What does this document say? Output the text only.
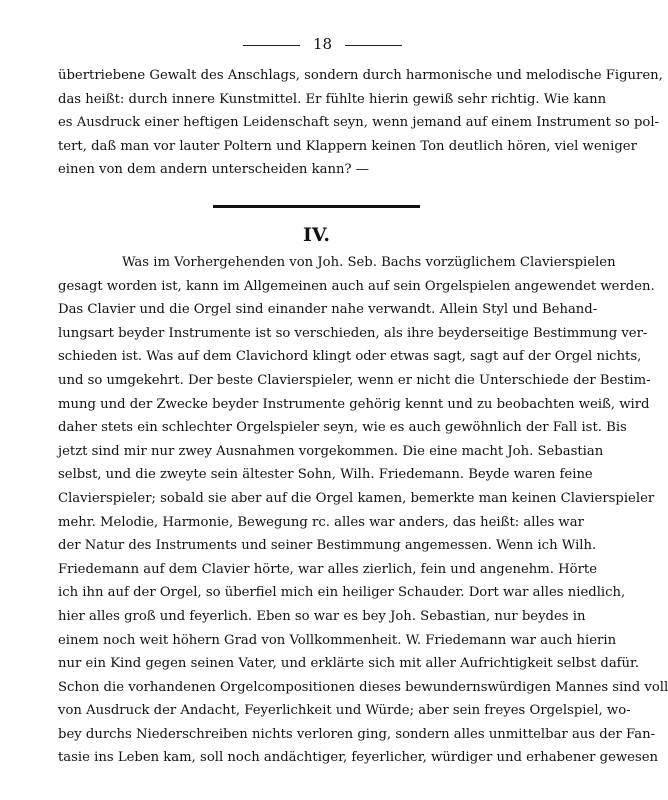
18
übertriebene Gewalt des Anschlags, sondern durch harmonische und melodische Figuren,
das heißt: durch innere Kunstmittel. Er fühlte hierin gewiß sehr richtig. Wie kann
es Ausdruck einer heftigen Leidenschaft seyn, wenn jemand auf einem Instrument so pol-
tert, daß man vor lauter Poltern und Klappern keinen Ton deutlich hören, viel weniger
einen von dem andern unterscheiden kann? —
IV.
Was im Vorhergehenden von Joh. Seb. Bachs vorzüglichem Clavierspielen
gesagt worden ist, kann im Allgemeinen auch auf sein Orgelspielen angewendet werden.
Das Clavier und die Orgel sind einander nahe verwandt. Allein Styl und Behand-
lungsart beyder Instrumente ist so verschieden, als ihre beyderseitige Bestimmung ver-
schieden ist. Was auf dem Clavichord klingt oder etwas sagt, sagt auf der Orgel nichts,
und so umgekehrt. Der beste Clavierspieler, wenn er nicht die Unterschiede der Bestim-
mung und der Zwecke beyder Instrumente gehörig kennt und zu beobachten weiß, wird
daher stets ein schlechter Orgelspieler seyn, wie es auch gewöhnlich der Fall ist. Bis
jetzt sind mir nur zwey Ausnahmen vorgekommen. Die eine macht Joh. Sebastian
selbst, und die zweyte sein ältester Sohn, Wilh. Friedemann. Beyde waren feine
Clavierspieler; sobald sie aber auf die Orgel kamen, bemerkte man keinen Clavierspieler
mehr. Melodie, Harmonie, Bewegung rc. alles war anders, das heißt: alles war
der Natur des Instruments und seiner Bestimmung angemessen. Wenn ich Wilh.
Friedemann auf dem Clavier hörte, war alles zierlich, fein und angenehm. Hörte
ich ihn auf der Orgel, so überfiel mich ein heiliger Schauder. Dort war alles niedlich,
hier alles groß und feyerlich. Eben so war es bey Joh. Sebastian, nur beydes in
einem noch weit höhern Grad von Vollkommenheit. W. Friedemann war auch hierin
nur ein Kind gegen seinen Vater, und erklärte sich mit aller Aufrichtigkeit selbst dafür.
Schon die vorhandenen Orgelcompositionen dieses bewundernswürdigen Mannes sind voll
von Ausdruck der Andacht, Feyerlichkeit und Würde; aber sein freyes Orgelspiel, wo-
bey durchs Niederschreiben nichts verloren ging, sondern alles unmittelbar aus der Fan-
tasie ins Leben kam, soll noch andächtiger, feyerlicher, würdiger und erhabener gewesen
